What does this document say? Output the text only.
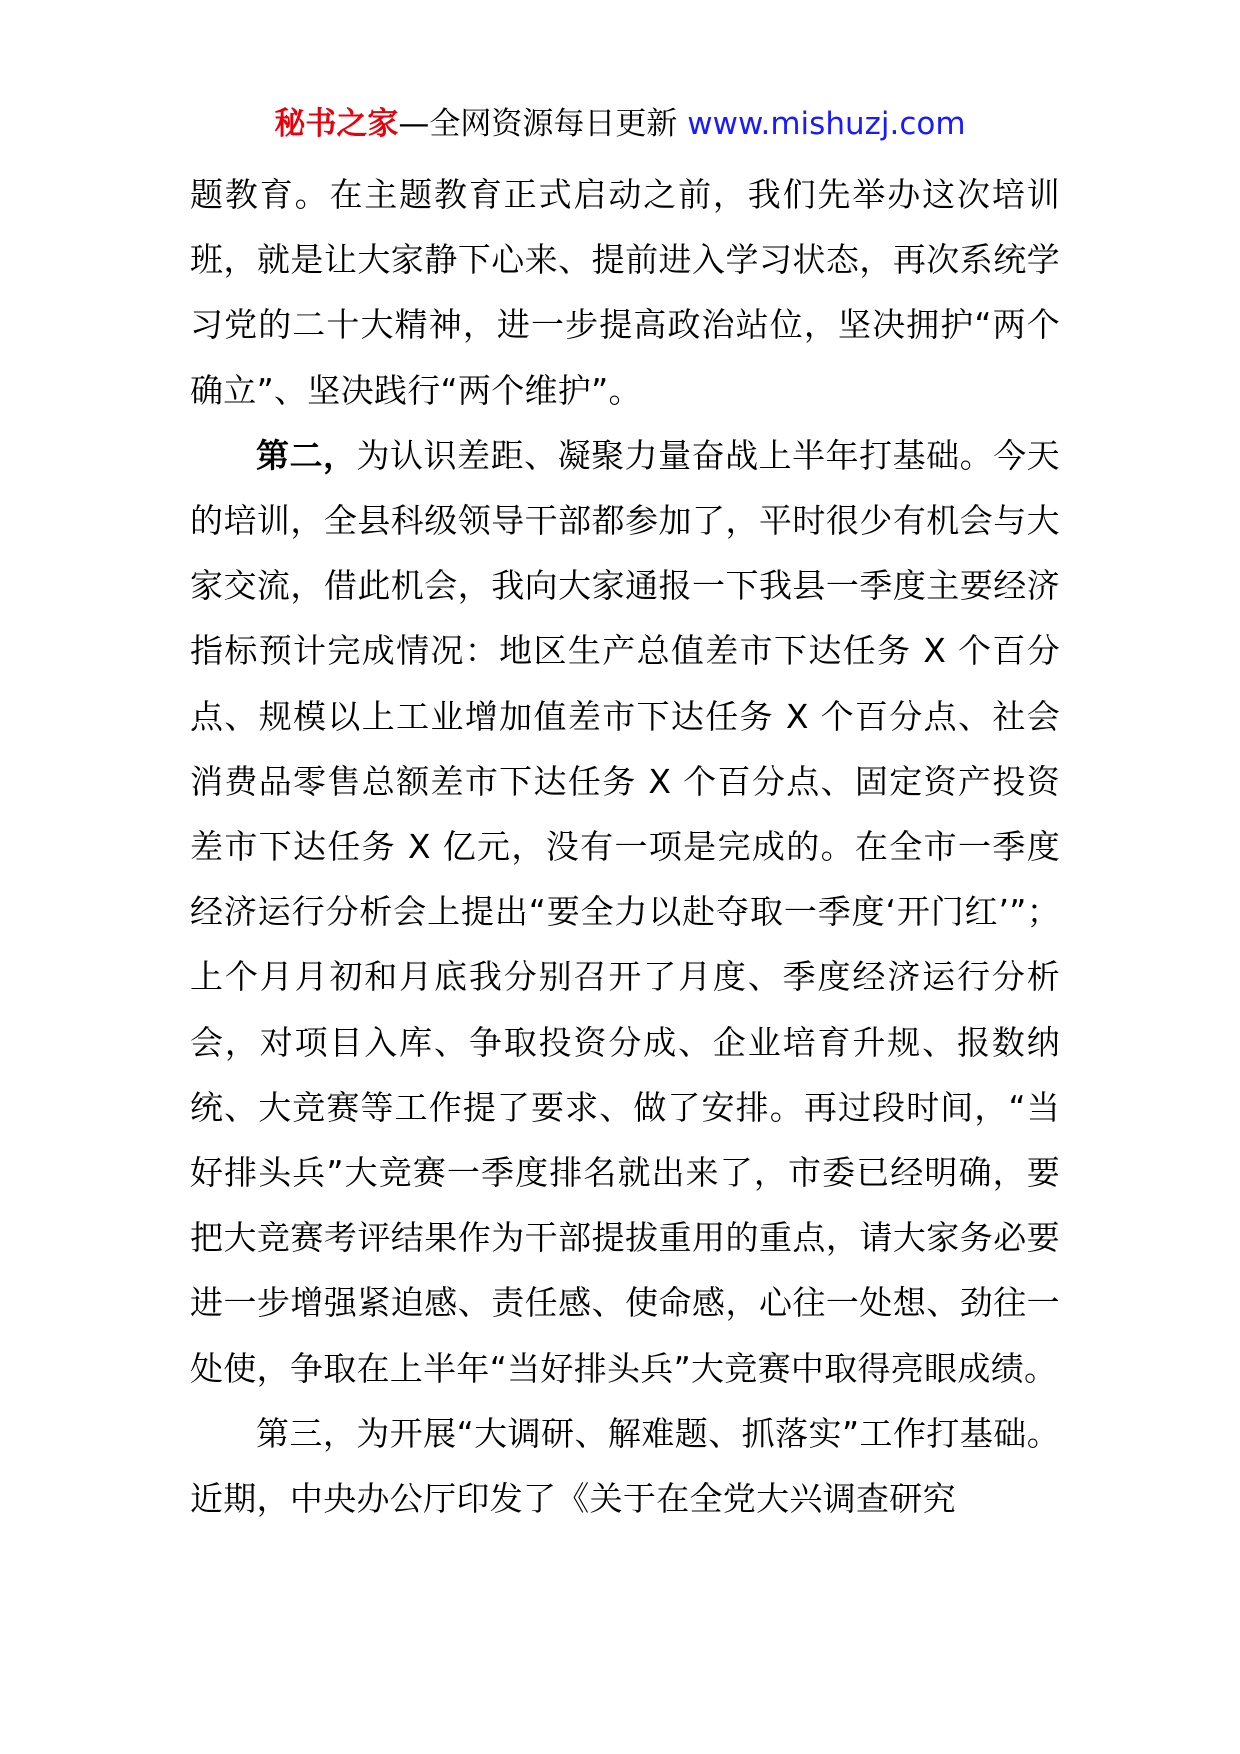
秘书之家—全网资源每日更新 www.mishuzj.com

题教育。在主题教育正式启动之前，我们先举办这次培训班，就是让大家静下心来、提前进入学习状态，再次系统学习党的二十大精神，进一步提高政治站位，坚决拥护“两个确立”、坚决践行“两个维护”。

第二，为认识差距、凝聚力量奋战上半年打基础。今天的培训，全县科级领导干部都参加了，平时很少有机会与大家交流，借此机会，我向大家通报一下我县一季度主要经济指标预计完成情况：地区生产总值差市下达任务 X 个百分点、规模以上工业增加值差市下达任务 X 个百分点、社会消费品零售总额差市下达任务 X 个百分点、固定资产投资差市下达任务 X 亿元，没有一项是完成的。在全市一季度经济运行分析会上提出“要全力以赴夺取一季度‘开门红’”；上个月月初和月底我分别召开了月度、季度经济运行分析会，对项目入库、争取投资分成、企业培育升规、报数纳统、大竞赛等工作提了要求、做了安排。再过段时间，“当好排头兵”大竞赛一季度排名就出来了，市委已经明确，要把大竞赛考评结果作为干部提拔重用的重点，请大家务必要进一步增强紧迫感、责任感、使命感，心往一处想、劲往一处使，争取在上半年“当好排头兵”大竞赛中取得亮眼成绩。

第三，为开展“大调研、解难题、抓落实”工作打基础。近期，中央办公厅印发了《关于在全党大兴调查研究
